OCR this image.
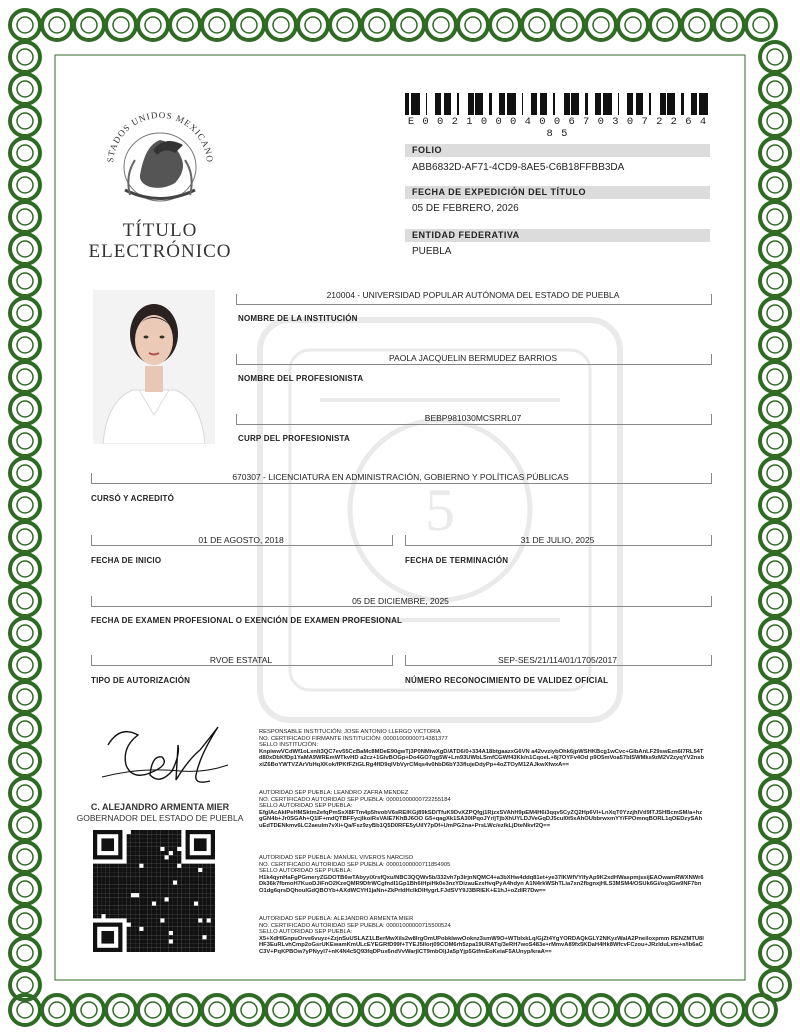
5
STADOS UNIDOS MEXICANO
TÍTULO
ELECTRÓNICO
E 0 0 2 1 0 0 0 4 0 0 6 7 0 3 0 7 2 2 6 4 8 5
FOLIO
ABB6832D-AF71-4CD9-8AE5-C6B18FFBB3DA
FECHA DE EXPEDICIÓN DEL TÍTULO
05 DE FEBRERO, 2026
ENTIDAD FEDERATIVA
PUEBLA
210004 - UNIVERSIDAD POPULAR AUTÓNOMA DEL ESTADO DE PUEBLA
NOMBRE DE LA INSTITUCIÓN
PAOLA JACQUELIN BERMUDEZ BARRIOS
NOMBRE DEL PROFESIONISTA
BEBP981030MCSRRL07
CURP DEL PROFESIONISTA
670307 - LICENCIATURA EN ADMINISTRACIÓN, GOBIERNO Y POLÍTICAS PÚBLICAS
CURSÓ Y ACREDITÓ
01 DE AGOSTO, 2018
FECHA DE INICIO
31 DE JULIO, 2025
FECHA DE TERMINACIÓN
05 DE DICIEMBRE, 2025
FECHA DE EXAMEN PROFESIONAL O EXENCIÓN DE EXAMEN PROFESIONAL
RVOE ESTATAL
TIPO DE AUTORIZACIÓN
SEP-SES/21/114/01/1705/2017
NÚMERO RECONOCIMIENTO DE VALIDEZ OFICIAL
C. ALEJANDRO ARMENTA MIER
GOBERNADOR DEL ESTADO DE PUEBLA
RESPONSABLE INSTITUCIÓN: JOSE ANTONIO LLERGO VICTORIA
NO. CERTIFICADO FIRMANTE INSTITUCIÓN: 00001000000714381377
SELLO INSTITUCIÓN:
KnpiwwVCdWf1oLxnIt3QC7ev55CcBaMc8MDeE90gwTj3P0NMiwXgD/ATD6/0+334A18btgaazxG6VN a42vvziybOhk6jpWSHKBcg1wCvc+GlbAnLF29swEzn6I7RL54Td80xDbKfDp1YaMA9WREmWTkvHD a2cz+1GlvBOGp+Do4GO7qg5W+Lm93UWbLSmfCGWf43Kk/n1CqoeL+8j7OYFv4Od p9O5mVoa57bISWMks9zM2V2zyqYV2nsbxlZ6BoYWTVZArVbHqXKok/fPKfFZtGLRg4fID9qlVbVyrCMqs4v0hbD6bY33flujeDdyPp+4oZTOyM12AJkwXfwxA==
AUTORIDAD SEP PUEBLA: LEANDRO ZAFRA MENDEZ
NO. CERTIFICADO AUTORIDAD SEP PUEBLA: 00001000000722255184
SELLO AUTORIDAD SEP PUEBLA:
EfgIAcAkIPeHMSktm2efqPmSxX8FTm4p5hvobV6sREIKGj89kSD/TfuK9DvXZPQfgj1RjzxSVAhH9pEM4H6i3qqv5CyZQ2Hp6VI+LnXqT0YzzjhIVd9ITJSHBcmSM/a+hzgGN4b+Jr0SGAh+Q1IF+mdQTBFFycjIkoiRsVAlE7KhBJ6OO G5+qagXk1SA30lPqoJYr/jTjbXhUYLDJVeGqDJ5cuI0t5xAhOUbbrwxmYY/FPOmnqBORL1qOEDzySAhuEdTDENkmv6LC2aeuIm7vXi+Qa/Fsz9zyBb1Q5D0RFE5yUiIY7pDf+UmPG2na+PrsLWc/ezlkLjDteNkvf2Q==
AUTORIDAD SEP PUEBLA: MANUEL VIVEROS NARCISO
NO. CERTIFICADO AUTORIDAD SEP PUEBLA: 00001000000711854905
SELLO AUTORIDAD SEP PUEBLA:
H1k4qynHaFgPGmeryZGDOTB6wTAbyyiXrsfQxu/NBC3QQWv5b/332vh7p3lrjnNQMC4+a3bXHw4ddq81et+ye37IKWfVYlfyAp9K2xdHWaspmjssijEAOwamRWXNWr6Dk36k7fbmoH7KuoDJiFnO2KzeQMR9DfrWCgfndI1Gp1Bh6iHpiHk0e3nzYDizauEzxHvqPyA4hdyn A1N4rkWShTLia7xn2fbgnxjHLS3MSM4/OSUk6Gi/oq3Gw9NF7bnO1dg6qrsDQhouIGdQBOYb+AXdWCYH1jaNn+ZkPrIdHcIkDIHygrLFJdSVY9J3BRIEK+E1hJ+oZdlR7Dw==
AUTORIDAD SEP PUEBLA: ALEJANDRO ARMENTA MIER
NO. CERTIFICADO AUTORIDAD SEP PUEBLA: 00001000000715500524
SELLO AUTORIDAD SEP PUEBLA:
X5+XdHIGnpuOrvs6vuyz+ZzjnSuUSLAZ1LBerMwXils2w8IrgOmUPobkIwwOoknz3smW9O+WTblxkLq/GjZt4YgYORDAQkGLY2NKyzWaIA2Pneiloxpmm RENZMTU8IHF3EuRLvhCmp2oGsrUKEwamKmULcEYEGRfD99f+TYEJ5lIorj09COM6rh5zpa19URATq/3eRH7woS483e+rMmvA89fx5KDaH4Hk8WfcvFCzou+JRzlduLvm+s/lb6aCC3V+PqKPBOw7yPNyyl7+nK4N4c5Q93fqDPux6ndVvWarjlCT9mbOljJa5pYjp5GtfmEoKeiaF5AUnyp/kraA==
